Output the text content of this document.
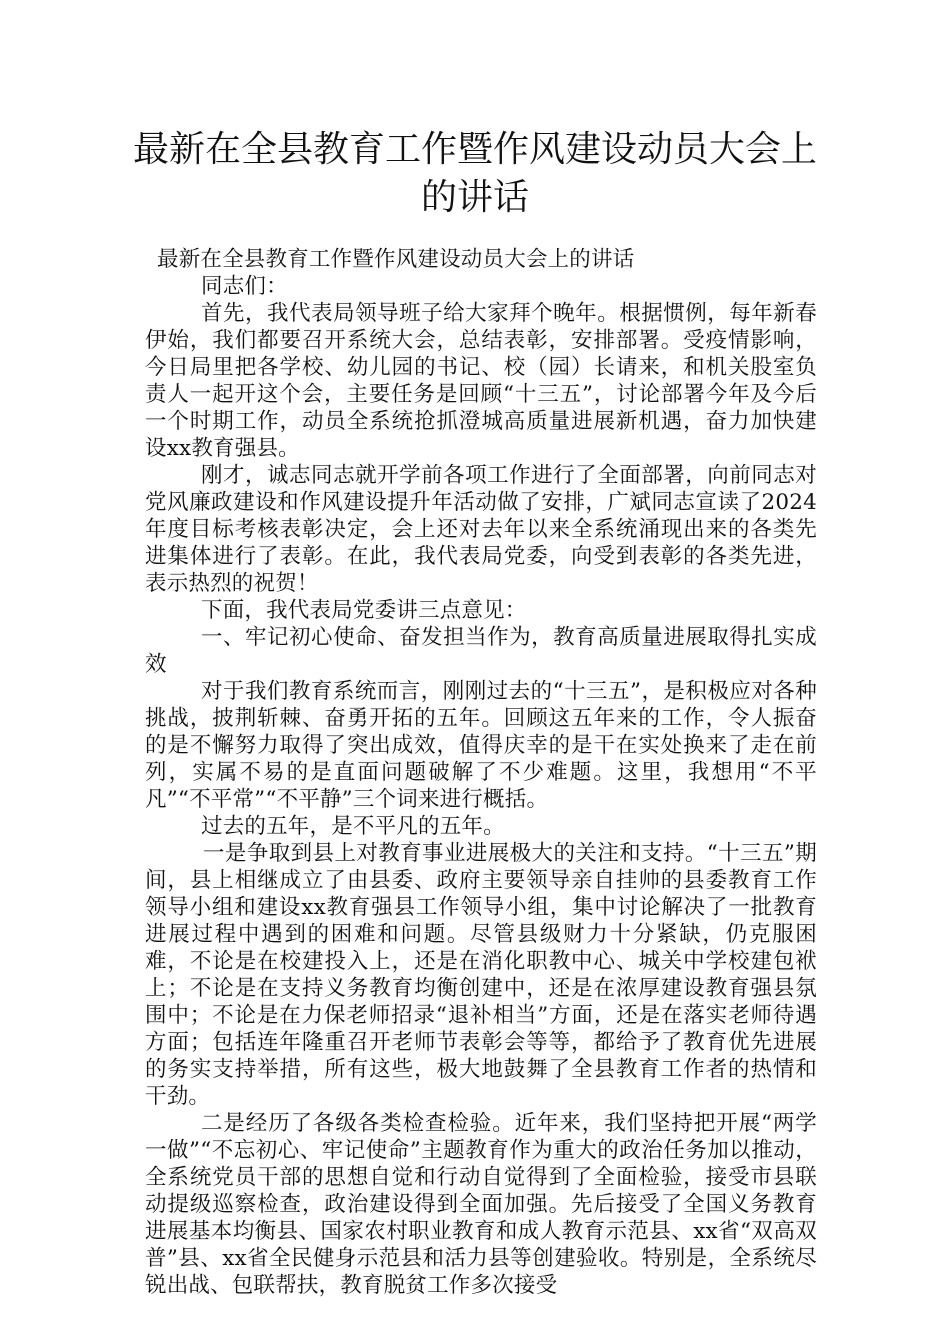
最新在全县教育工作暨作风建设动员大会上的讲话

最新在全县教育工作暨作风建设动员大会上的讲话

同志们：

首先，我代表局领导班子给大家拜个晚年。根据惯例，每年新春伊始，我们都要召开系统大会，总结表彰，安排部署。受疫情影响，今日局里把各学校、幼儿园的书记、校（园）长请来，和机关股室负责人一起开这个会，主要任务是回顾“十三五”，讨论部署今年及今后一个时期工作，动员全系统抢抓澄城高质量进展新机遇，奋力加快建设xx教育强县。

刚才，诚志同志就开学前各项工作进行了全面部署，向前同志对党风廉政建设和作风建设提升年活动做了安排，广斌同志宣读了2024年度目标考核表彰决定，会上还对去年以来全系统涌现出来的各类先进集体进行了表彰。在此，我代表局党委，向受到表彰的各类先进，表示热烈的祝贺！

下面，我代表局党委讲三点意见：

一、牢记初心使命、奋发担当作为，教育高质量进展取得扎实成效

对于我们教育系统而言，刚刚过去的“十三五”，是积极应对各种挑战，披荆斩棘、奋勇开拓的五年。回顾这五年来的工作，令人振奋的是不懈努力取得了突出成效，值得庆幸的是干在实处换来了走在前列，实属不易的是直面问题破解了不少难题。这里，我想用“不平凡”“不平常”“不平静”三个词来进行概括。

过去的五年，是不平凡的五年。

一是争取到县上对教育事业进展极大的关注和支持。“十三五”期间，县上相继成立了由县委、政府主要领导亲自挂帅的县委教育工作领导小组和建设xx教育强县工作领导小组，集中讨论解决了一批教育进展过程中遇到的困难和问题。尽管县级财力十分紧缺，仍克服困难，不论是在校建投入上，还是在消化职教中心、城关中学校建包袱上；不论是在支持义务教育均衡创建中，还是在浓厚建设教育强县氛围中；不论是在力保老师招录“退补相当”方面，还是在落实老师待遇方面；包括连年隆重召开老师节表彰会等等，都给予了教育优先进展的务实支持举措，所有这些，极大地鼓舞了全县教育工作者的热情和干劲。

二是经历了各级各类检查检验。近年来，我们坚持把开展“两学一做”“不忘初心、牢记使命”主题教育作为重大的政治任务加以推动，全系统党员干部的思想自觉和行动自觉得到了全面检验，接受市县联动提级巡察检查，政治建设得到全面加强。先后接受了全国义务教育进展基本均衡县、国家农村职业教育和成人教育示范县、xx省“双高双普”县、xx省全民健身示范县和活力县等创建验收。特别是，全系统尽锐出战、包联帮扶，教育脱贫工作多次接受
